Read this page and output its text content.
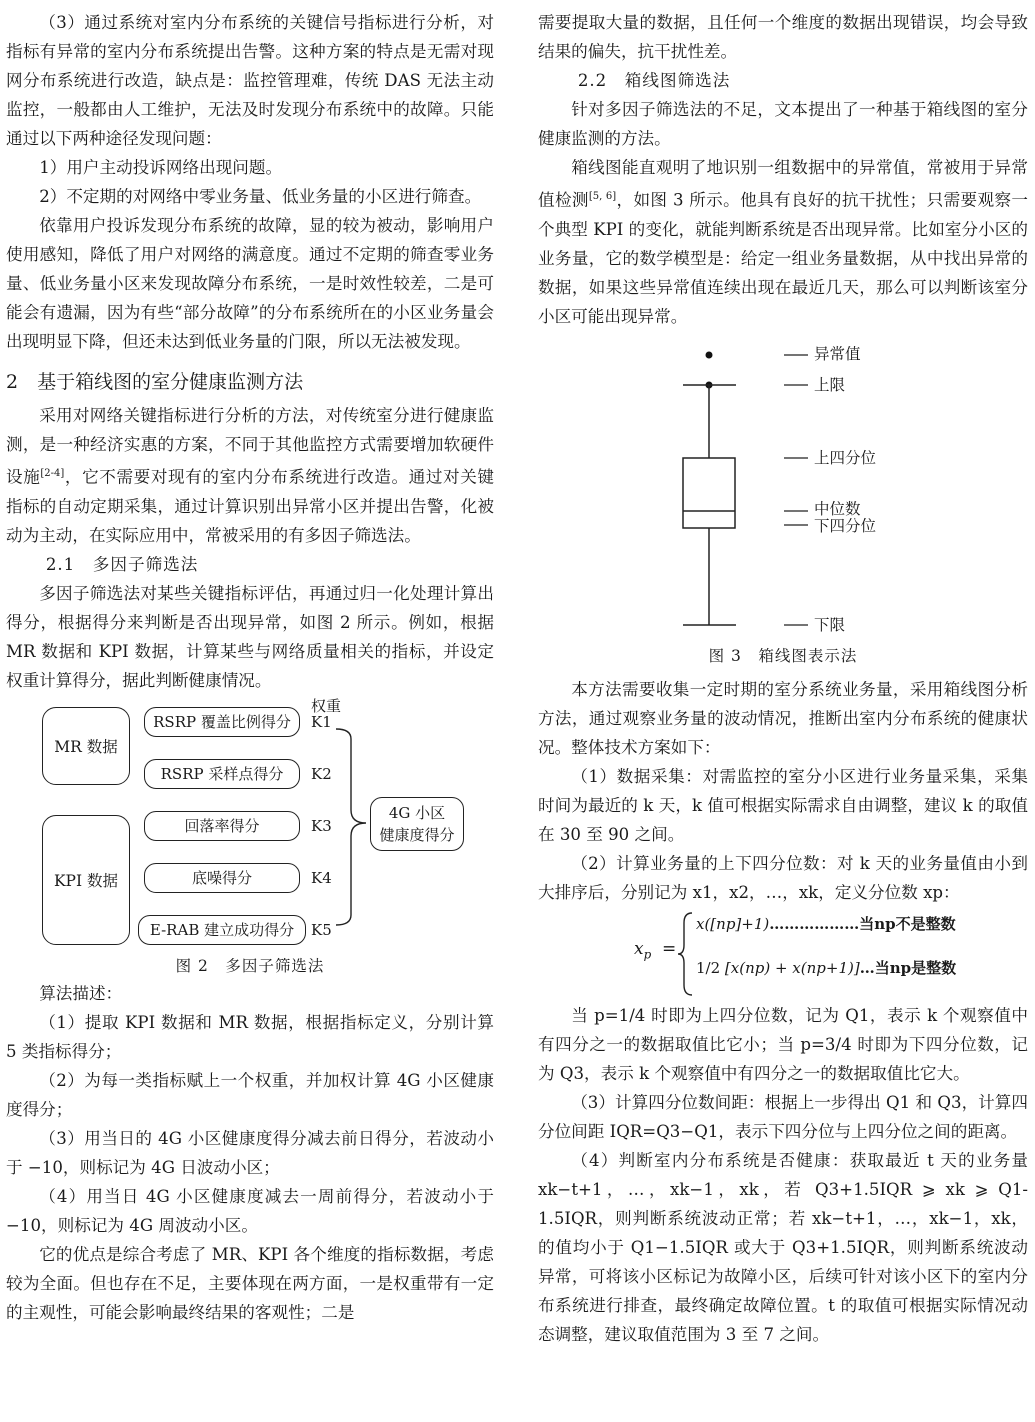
（3）通过系统对室内分布系统的关键信号指标进行分析，对指标有异常的室内分布系统提出告警。这种方案的特点是无需对现网分布系统进行改造，缺点是：监控管理难，传统 DAS 无法主动监控，一般都由人工维护，无法及时发现分布系统中的故障。只能通过以下两种途径发现问题：

1）用户主动投诉网络出现问题。

2）不定期的对网络中零业务量、低业务量的小区进行筛查。

依靠用户投诉发现分布系统的故障，显的较为被动，影响用户使用感知，降低了用户对网络的满意度。通过不定期的筛查零业务量、低业务量小区来发现故障分布系统，一是时效性较差，二是可能会有遗漏，因为有些“部分故障”的分布系统所在的小区业务量会出现明显下降，但还未达到低业务量的门限，所以无法被发现。

2　基于箱线图的室分健康监测方法

采用对网络关键指标进行分析的方法，对传统室分进行健康监测，是一种经济实惠的方案，不同于其他监控方式需要增加软硬件设施[2-4]，它不需要对现有的室内分布系统进行改造。通过对关键指标的自动定期采集，通过计算识别出异常小区并提出告警，化被动为主动，在实际应用中，常被采用的有多因子筛选法。

2.1　多因子筛选法

多因子筛选法对某些关键指标评估，再通过归一化处理计算出得分，根据得分来判断是否出现异常，如图 2 所示。例如，根据 MR 数据和 KPI 数据，计算某些与网络质量相关的指标，并设定权重计算得分，据此判断健康情况。

权重
MR 数据
KPI 数据
RSRP 覆盖比例得分
RSRP 采样点得分
回落率得分
底噪得分
E-RAB 建立成功得分
K1
K2
K3
K4
K5
4G 小区
健康度得分
图 2　多因子筛选法

算法描述：

（1）提取 KPI 数据和 MR 数据，根据指标定义，分别计算 5 类指标得分；

（2）为每一类指标赋上一个权重，并加权计算 4G 小区健康度得分；

（3）用当日的 4G 小区健康度得分减去前日得分，若波动小于 −10，则标记为 4G 日波动小区；

（4）用当日 4G 小区健康度减去一周前得分，若波动小于 −10，则标记为 4G 周波动小区。

它的优点是综合考虑了 MR、KPI 各个维度的指标数据，考虑较为全面。但也存在不足，主要体现在两方面，一是权重带有一定的主观性，可能会影响最终结果的客观性；二是

需要提取大量的数据，且任何一个维度的数据出现错误，均会导致结果的偏失，抗干扰性差。

2.2　箱线图筛选法

针对多因子筛选法的不足，文本提出了一种基于箱线图的室分健康监测的方法。

箱线图能直观明了地识别一组数据中的异常值，常被用于异常值检测[5, 6]，如图 3 所示。他具有良好的抗干扰性；只需要观察一个典型 KPI 的变化，就能判断系统是否出现异常。比如室分小区的业务量，它的数学模型是：给定一组业务量数据，从中找出异常的数据，如果这些异常值连续出现在最近几天，那么可以判断该室分小区可能出现异常。

异常值
上限
上四分位
中位数
下四分位
下限
图 3　箱线图表示法

本方法需要收集一定时期的室分系统业务量，采用箱线图分析方法，通过观察业务量的波动情况，推断出室内分布系统的健康状况。整体技术方案如下：

（1）数据采集：对需监控的室分小区进行业务量采集，采集时间为最近的 k 天，k 值可根据实际需求自由调整，建议 k 的取值在 30 至 90 之间。

（2）计算业务量的上下四分位数：对 k 天的业务量值由小到大排序后，分别记为 x1，x2，…，xk，定义分位数 xp：

$x_p$ =
x([np]+1)………………当np不是整数
1/2 [x(np) + x(np+1)]…当np是整数

当 p=1/4 时即为上四分位数，记为 Q1，表示 k 个观察值中有四分之一的数据取值比它小；当 p=3/4 时即为下四分位数，记为 Q3，表示 k 个观察值中有四分之一的数据取值比它大。

（3）计算四分位数间距：根据上一步得出 Q1 和 Q3，计算四分位间距 IQR=Q3−Q1，表示下四分位与上四分位之间的距离。

（4）判断室内分布系统是否健康：获取最近 t 天的业务量 xk−t+1，…，xk−1，xk，若 Q3+1.5IQR ⩾ xk ⩾ Q1-1.5IQR，则判断系统波动正常；若 xk−t+1，…，xk−1，xk，的值均小于 Q1−1.5IQR 或大于 Q3+1.5IQR，则判断系统波动异常，可将该小区标记为故障小区，后续可针对该小区下的室内分布系统进行排查，最终确定故障位置。t 的取值可根据实际情况动态调整，建议取值范围为 3 至 7 之间。
